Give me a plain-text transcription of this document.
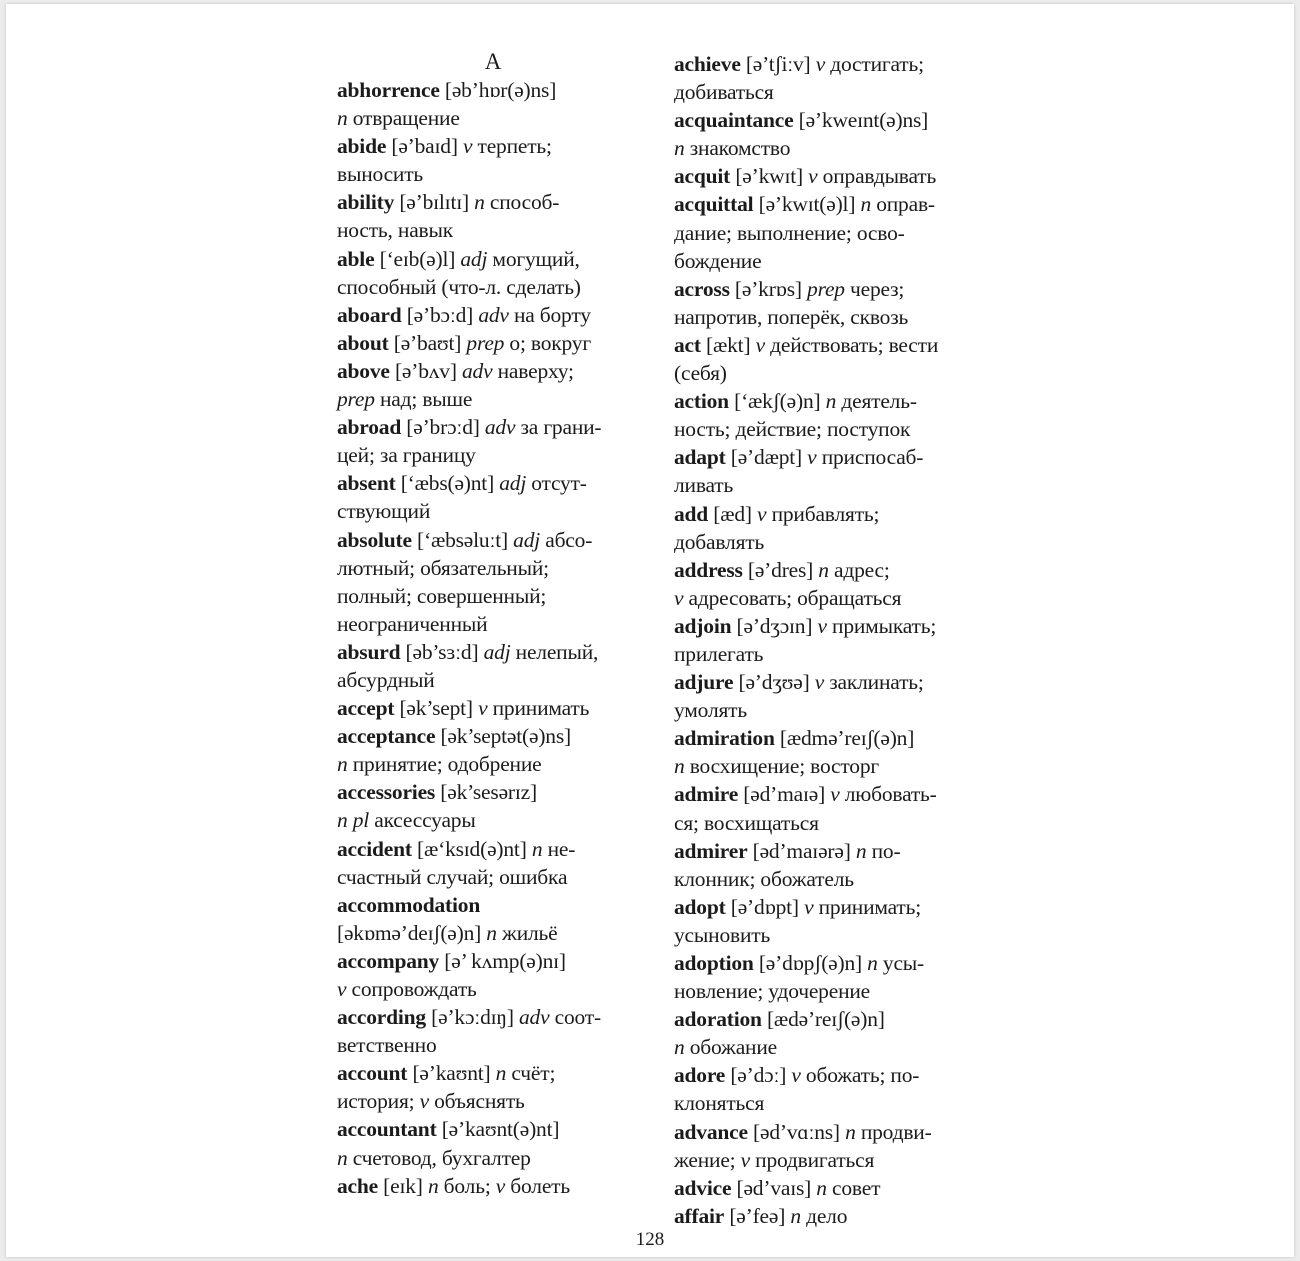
A
abhorrence [əb’hɒr(ə)ns]
n отвращение
abide [ə’baɪd] v терпеть;
выносить
ability [ə’bɪlɪtɪ] n способ-
ность, навык
able [‘eɪb(ə)l] adj могущий,
способный (что-л. сделать)
aboard [ə’bɔːd] adv на борту
about [ə’baʊt] prep о; вокруг
above [ə’bʌv] adv наверху;
prep над; выше
abroad [ə’brɔːd] adv за грани-
цей; за границу
absent [‘æbs(ə)nt] adj отсут-
ствующий
absolute [‘æbsəluːt] adj абсо-
лютный; обязательный;
полный; совершенный;
неограниченный
absurd [əb’sɜːd] adj нелепый,
абсурдный
accept [ək’sept] v принимать
acceptance [ək’septət(ə)ns]
n принятие; одобрение
accessories [ək’sesərɪz]
n pl аксессуары
accident [æ‘ksɪd(ə)nt] n не-
счастный случай; ошибка
accommodation
[əkɒmə’deɪʃ(ə)n] n жильё
accompany [ə’ kʌmp(ə)nɪ]
v сопровождать
according [ə’kɔːdɪŋ] adv соот-
ветственно
account [ə’kaʊnt] n счёт;
история; v объяснять
accountant [ə’kaʊnt(ə)nt]
n счетовод, бухгалтер
ache [eɪk] n боль; v болеть
achieve [ə’tʃiːv] v достигать;
добиваться
acquaintance [ə’kweɪnt(ə)ns]
n знакомство
acquit [ə’kwɪt] v оправдывать
acquittal [ə’kwɪt(ə)l] n оправ-
дание; выполнение; осво-
бождение
across [ə’krɒs] prep через;
напротив, поперёк, сквозь
act [ækt] v действовать; вести
(себя)
action [‘ækʃ(ə)n] n деятель-
ность; действие; поступок
adapt [ə’dæpt] v приспосаб-
ливать
add [æd] v прибавлять;
добавлять
address [ə’dres] n адрес;
v адресовать; обращаться
adjoin [ə’dʒɔɪn] v примыкать;
прилегать
adjure [ə’dʒʊə] v заклинать;
умолять
admiration [ædmə’reɪʃ(ə)n]
n восхищение; восторг
admire [əd’maɪə] v любовать-
ся; восхищаться
admirer [əd’maɪərə] n по-
клонник; обожатель
adopt [ə’dɒpt] v принимать;
усыновить
adoption [ə’dɒpʃ(ə)n] n усы-
новление; удочерение
adoration [ædə’reɪʃ(ə)n]
n обожание
adore [ə’dɔː] v обожать; по-
клоняться
advance [əd’vɑːns] n продви-
жение; v продвигаться
advice [əd’vaɪs] n совет
affair [ə’feə] n дело
128
